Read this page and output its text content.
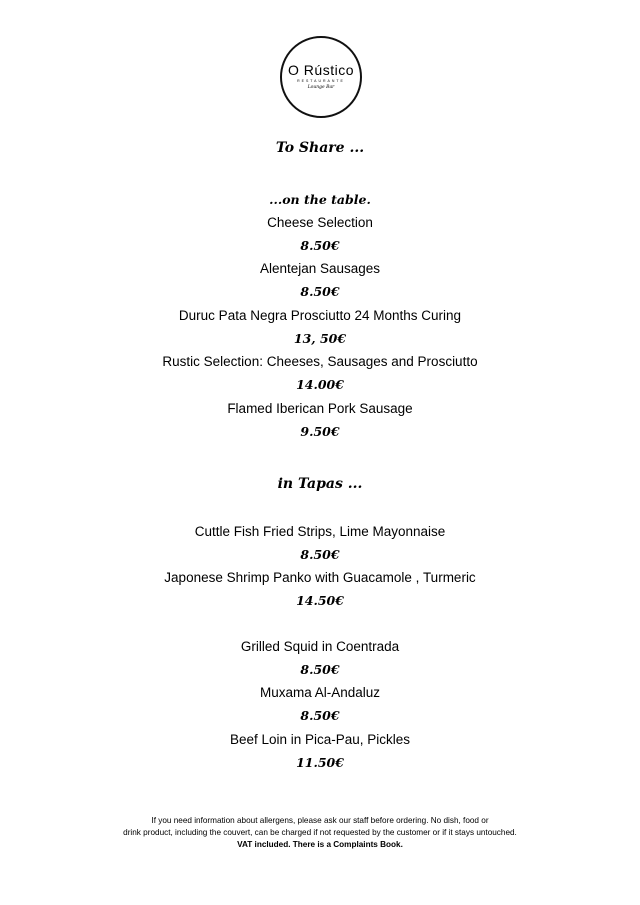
O Rústico
RESTAURANTE
Lounge Bar
To Share ...
...on the table.
Cheese Selection
8.50€
Alentejan Sausages
8.50€
Duruc Pata Negra Prosciutto 24 Months Curing
13, 50€
Rustic Selection: Cheeses, Sausages and Prosciutto
14.00€
Flamed Iberican Pork Sausage
9.50€
in Tapas ...
Cuttle Fish Fried Strips, Lime Mayonnaise
8.50€
Japonese Shrimp Panko with Guacamole , Turmeric
14.50€
Grilled Squid in Coentrada
8.50€
Muxama Al-Andaluz
8.50€
Beef Loin in Pica-Pau, Pickles
11.50€
If you need information about allergens, please ask our staff before ordering. No dish, food or
drink product, including the couvert, can be charged if not requested by the customer or if it stays untouched.
VAT included. There is a Complaints Book.
